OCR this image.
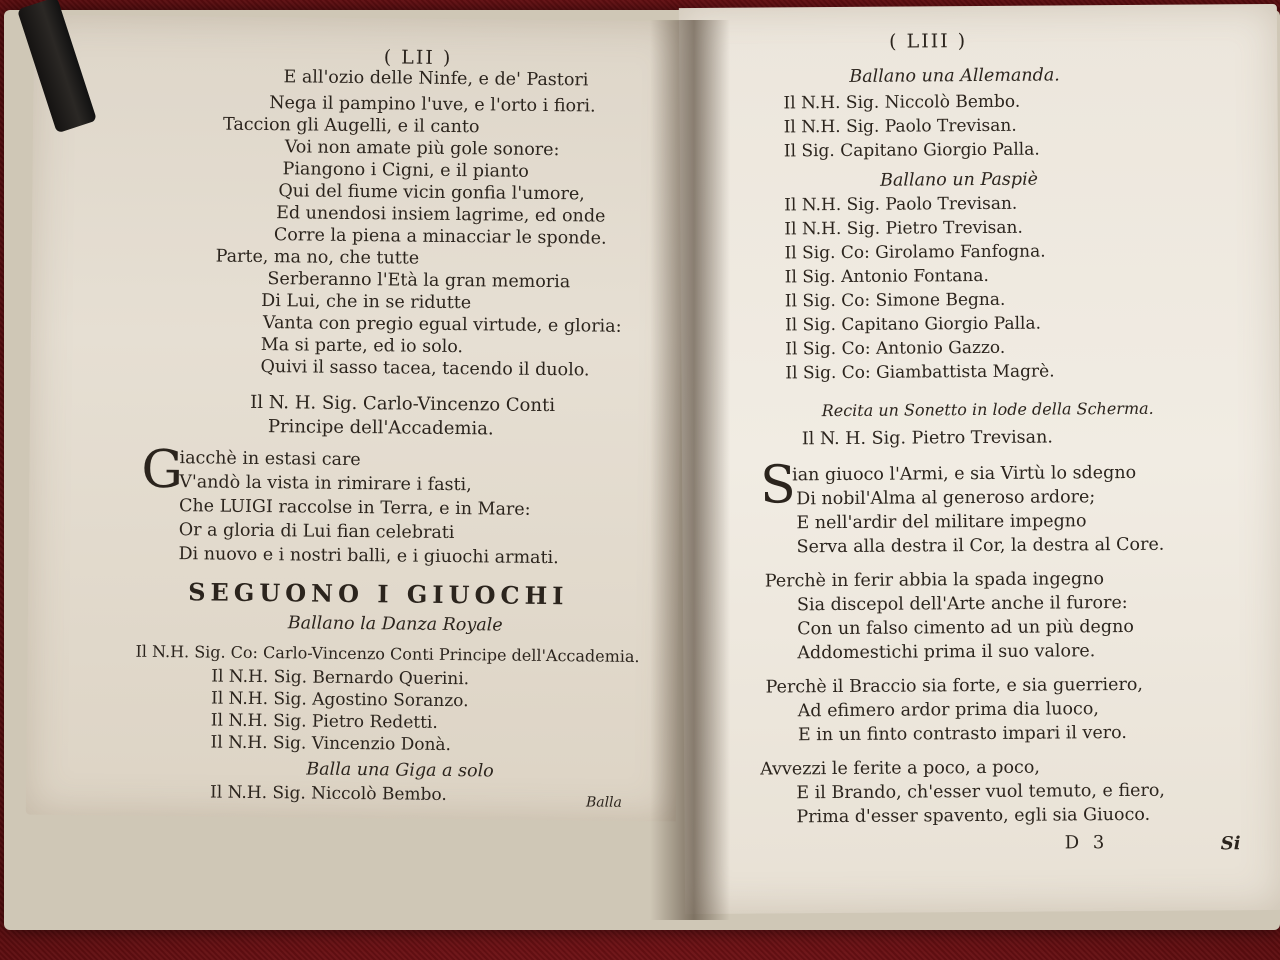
( LII )
E all'ozio delle Ninfe, e de' Pastori
Nega il pampino l'uve, e l'orto i fiori.
Taccion gli Augelli, e il canto
Voi non amate più gole sonore:
Piangono i Cigni, e il pianto
Qui del fiume vicin gonfia l'umore,
Ed unendosi insiem lagrime, ed onde
Corre la piena a minacciar le sponde.
Parte, ma no, che tutte
Serberanno l'Età la gran memoria
Di Lui, che in se ridutte
Vanta con pregio egual virtude, e gloria:
Ma si parte, ed io solo.
Quivi il sasso tacea, tacendo il duolo.
Il N. H. Sig. Carlo-Vincenzo Conti
Principe dell'Accademia.
G
iacchè in estasi care
V'andò la vista in rimirare i fasti,
Che LUIGI raccolse in Terra, e in Mare:
Or a gloria di Lui fian celebrati
Di nuovo e i nostri balli, e i giuochi armati.
SEGUONO I GIUOCHI
Ballano la Danza Royale
Il N.H. Sig. Co: Carlo-Vincenzo Conti Principe dell'Accademia.
Il N.H. Sig. Bernardo Querini.
Il N.H. Sig. Agostino Soranzo.
Il N.H. Sig. Pietro Redetti.
Il N.H. Sig. Vincenzio Donà.
Balla una Giga a solo
Il N.H. Sig. Niccolò Bembo.	Balla
( LIII )
Ballano una Allemanda.
Il N.H. Sig. Niccolò Bembo.
Il N.H. Sig. Paolo Trevisan.
Il Sig. Capitano Giorgio Palla.
Ballano un Paspiè
Il N.H. Sig. Paolo Trevisan.
Il N.H. Sig. Pietro Trevisan.
Il Sig. Co: Girolamo Fanfogna.
Il Sig. Antonio Fontana.
Il Sig. Co: Simone Begna.
Il Sig. Capitano Giorgio Palla.
Il Sig. Co: Antonio Gazzo.
Il Sig. Co: Giambattista Magrè.
Recita un Sonetto in lode della Scherma.
Il N. H. Sig. Pietro Trevisan.
S
ian giuoco l'Armi, e sia Virtù lo sdegno
Di nobil'Alma al generoso ardore;
E nell'ardir del militare impegno
Serva alla destra il Cor, la destra al Core.
Perchè in ferir abbia la spada ingegno
Sia discepol dell'Arte anche il furore:
Con un falso cimento ad un più degno
Addomestichi prima il suo valore.
Perchè il Braccio sia forte, e sia guerriero,
Ad efimero ardor prima dia luoco,
E in un finto contrasto impari il vero.
Avvezzi le ferite a poco, a poco,
E il Brando, ch'esser vuol temuto, e fiero,
Prima d'esser spavento, egli sia Giuoco.
D 3	Si
